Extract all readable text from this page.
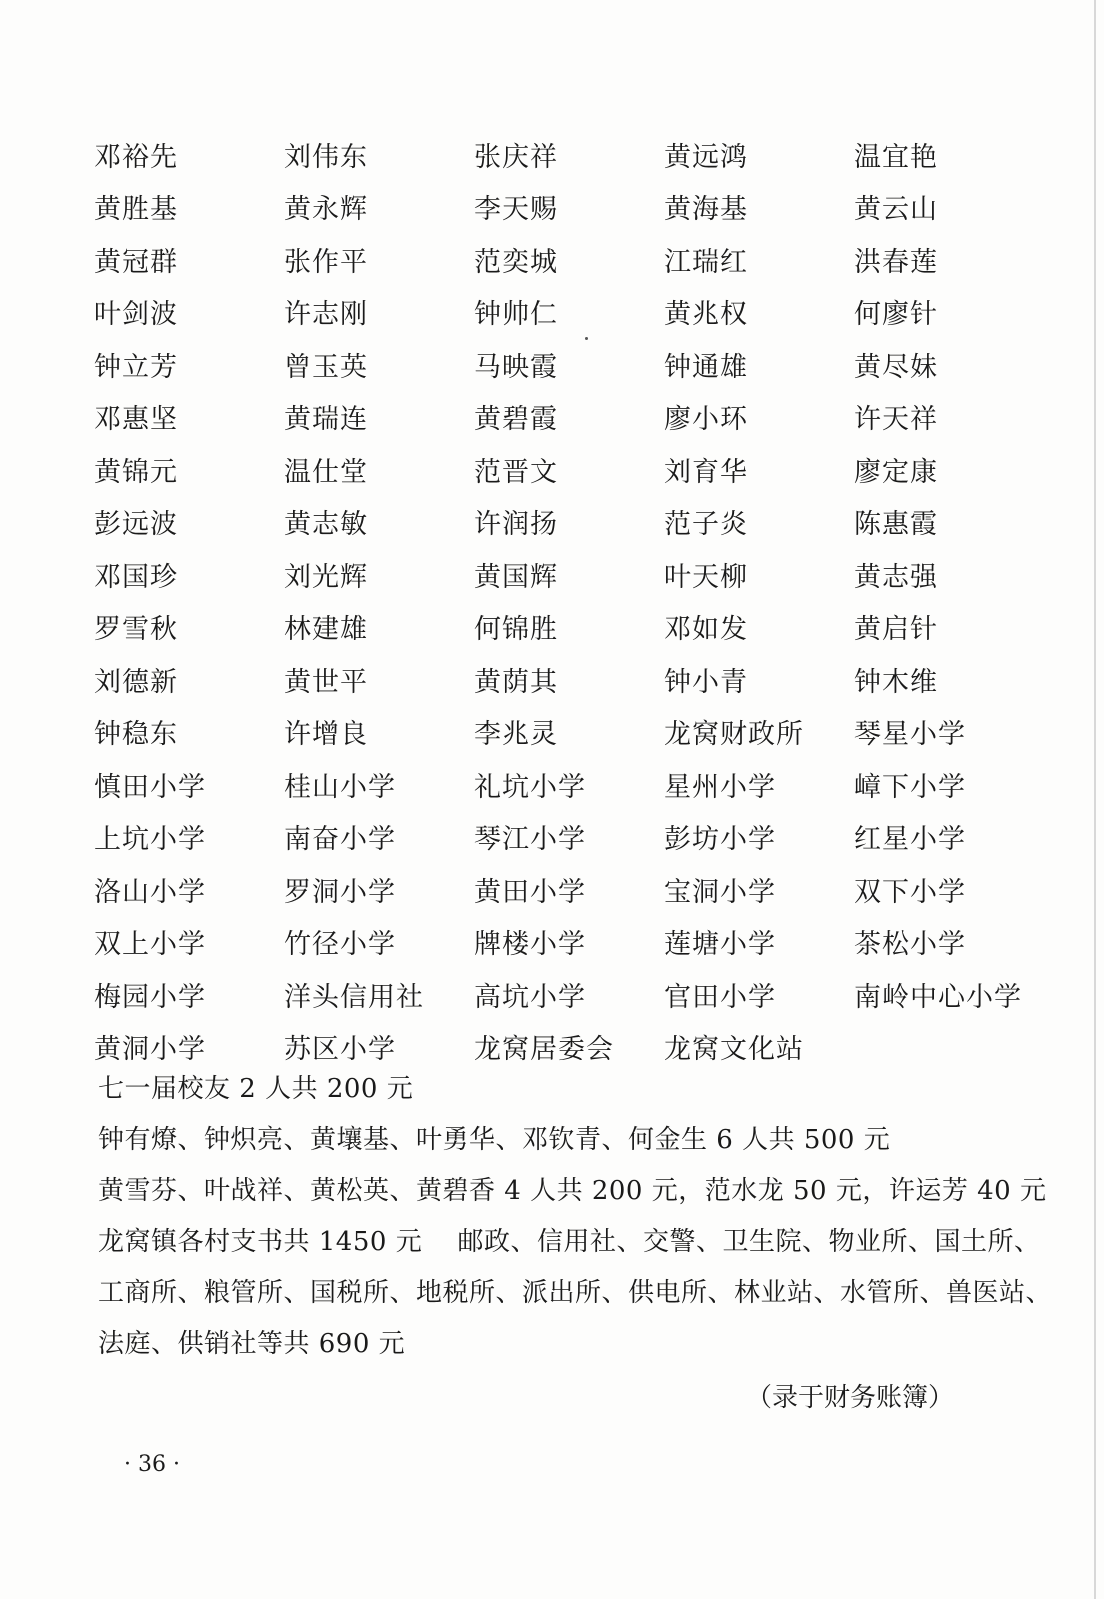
邓裕先	刘伟东	张庆祥	黄远鸿	温宜艳
黄胜基	黄永辉	李天赐	黄海基	黄云山
黄冠群	张作平	范奕城	江瑞红	洪春莲
叶剑波	许志刚	钟帅仁	黄兆权	何廖针
钟立芳	曾玉英	马映霞	钟通雄	黄尽妹
邓惠坚	黄瑞连	黄碧霞	廖小环	许天祥
黄锦元	温仕堂	范晋文	刘育华	廖定康
彭远波	黄志敏	许润扬	范子炎	陈惠霞
邓国珍	刘光辉	黄国辉	叶天柳	黄志强
罗雪秋	林建雄	何锦胜	邓如发	黄启针
刘德新	黄世平	黄荫其	钟小青	钟木维
钟稳东	许增良	李兆灵	龙窝财政所	琴星小学
慎田小学	桂山小学	礼坑小学	星州小学	嶂下小学
上坑小学	南奋小学	琴江小学	彭坊小学	红星小学
洛山小学	罗洞小学	黄田小学	宝洞小学	双下小学
双上小学	竹径小学	牌楼小学	莲塘小学	茶松小学
梅园小学	洋头信用社	高坑小学	官田小学	南岭中心小学
黄洞小学	苏区小学	龙窝居委会	龙窝文化站
七一届校友 2 人共 200 元
钟有燎、钟炽亮、黄壤基、叶勇华、邓钦青、何金生 6 人共 500 元
黄雪芬、叶战祥、黄松英、黄碧香 4 人共 200 元，范水龙 50 元，许运芳 40 元
龙窝镇各村支书共 1450 元　 邮政、信用社、交警、卫生院、物业所、国土所、
工商所、粮管所、国税所、地税所、派出所、供电所、林业站、水管所、兽医站、
法庭、供销社等共 690 元
（录于财务账簿）
· 36 ·
